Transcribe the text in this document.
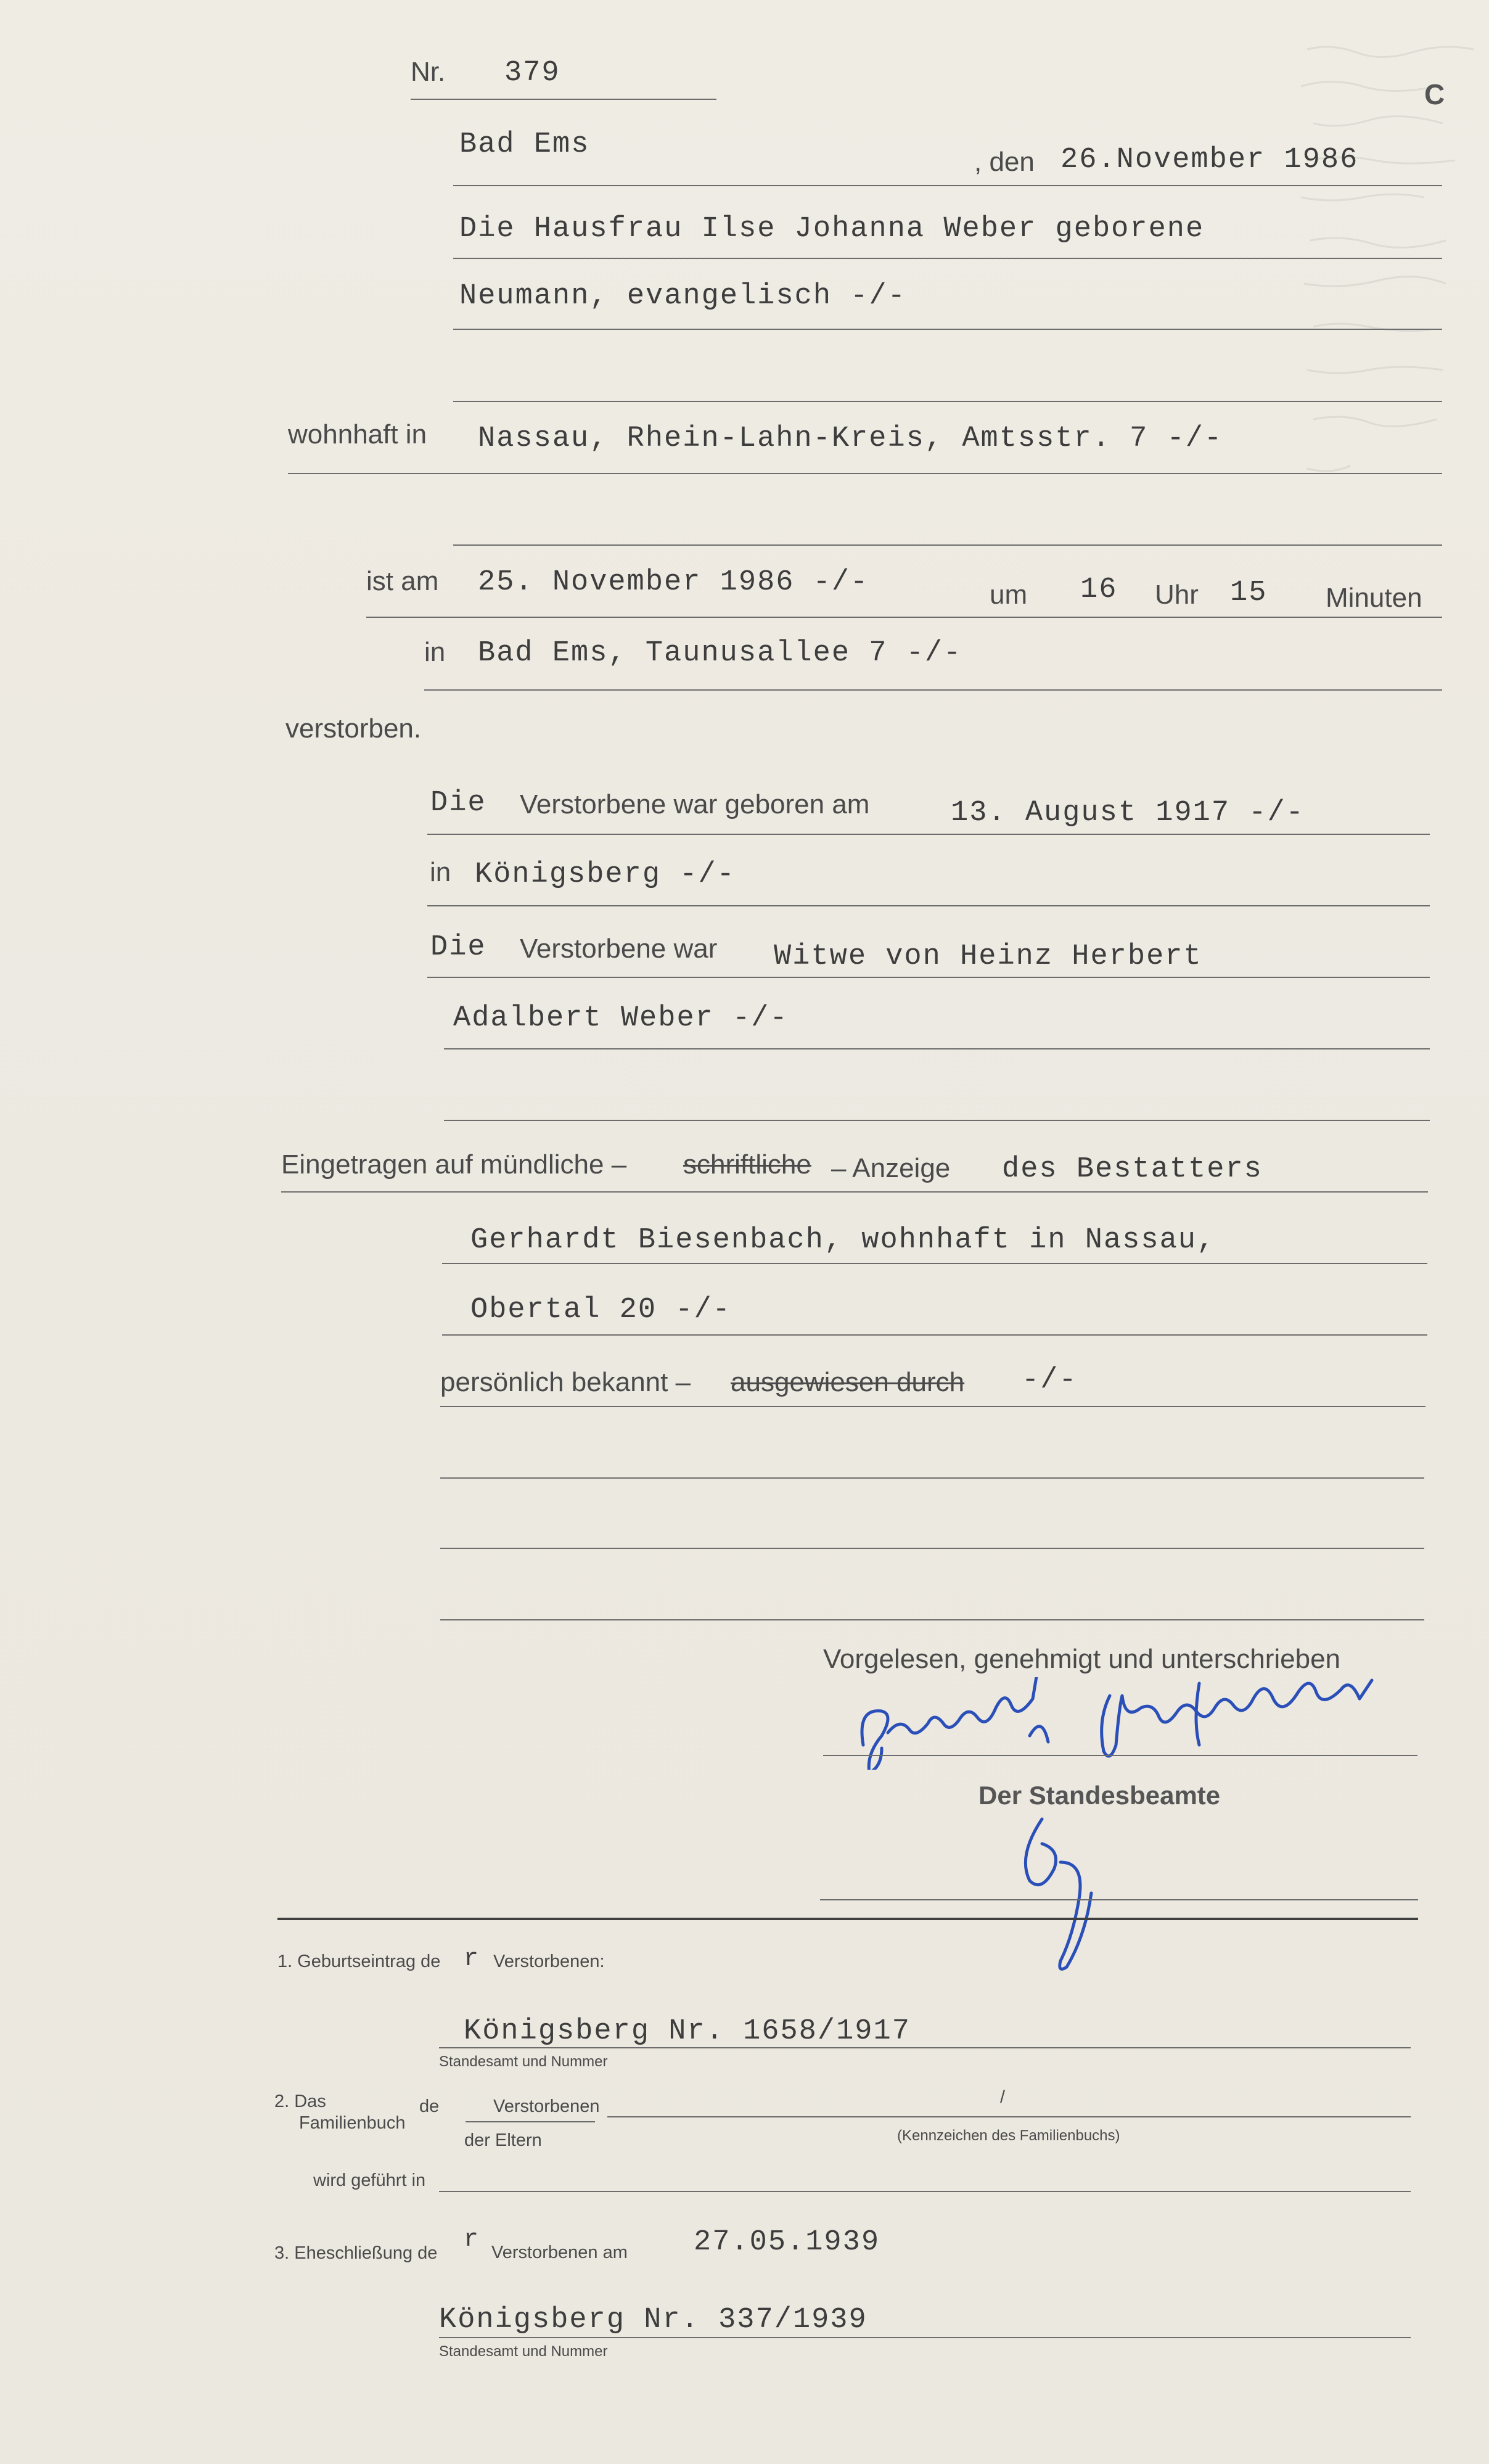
C
Nr. 379
Bad Ems
, den 26.November 1986
Die Hausfrau Ilse Johanna Weber geborene
Neumann, evangelisch -/-
wohnhaft in Nassau, Rhein-Lahn-Kreis, Amtsstr. 7 -/-
ist am 25. November 1986 -/-	um 16 Uhr 15 Minuten
in Bad Ems, Taunusallee 7 -/-
verstorben.
Die Verstorbene war geboren am	13. August 1917 -/-
in Königsberg -/-
Die Verstorbene war Witwe von Heinz Herbert
Adalbert Weber -/-
Eingetragen auf mündliche – schriftliche – Anzeige des Bestatters
Gerhardt Biesenbach, wohnhaft in Nassau,
Obertal 20 -/-
persönlich bekannt – ausgewiesen durch -/-
Vorgelesen, genehmigt und unterschrieben
Der Standesbeamte
1. Geburtseintrag de r Verstorbenen:
Königsberg Nr. 1658/1917
Standesamt und Nummer
2. Das
Familienbuch
de	Verstorbenen
der Eltern
/
(Kennzeichen des Familienbuchs)
wird geführt in
3. Eheschließung de r Verstorbenen am 27.05.1939
Königsberg Nr. 337/1939
Standesamt und Nummer
